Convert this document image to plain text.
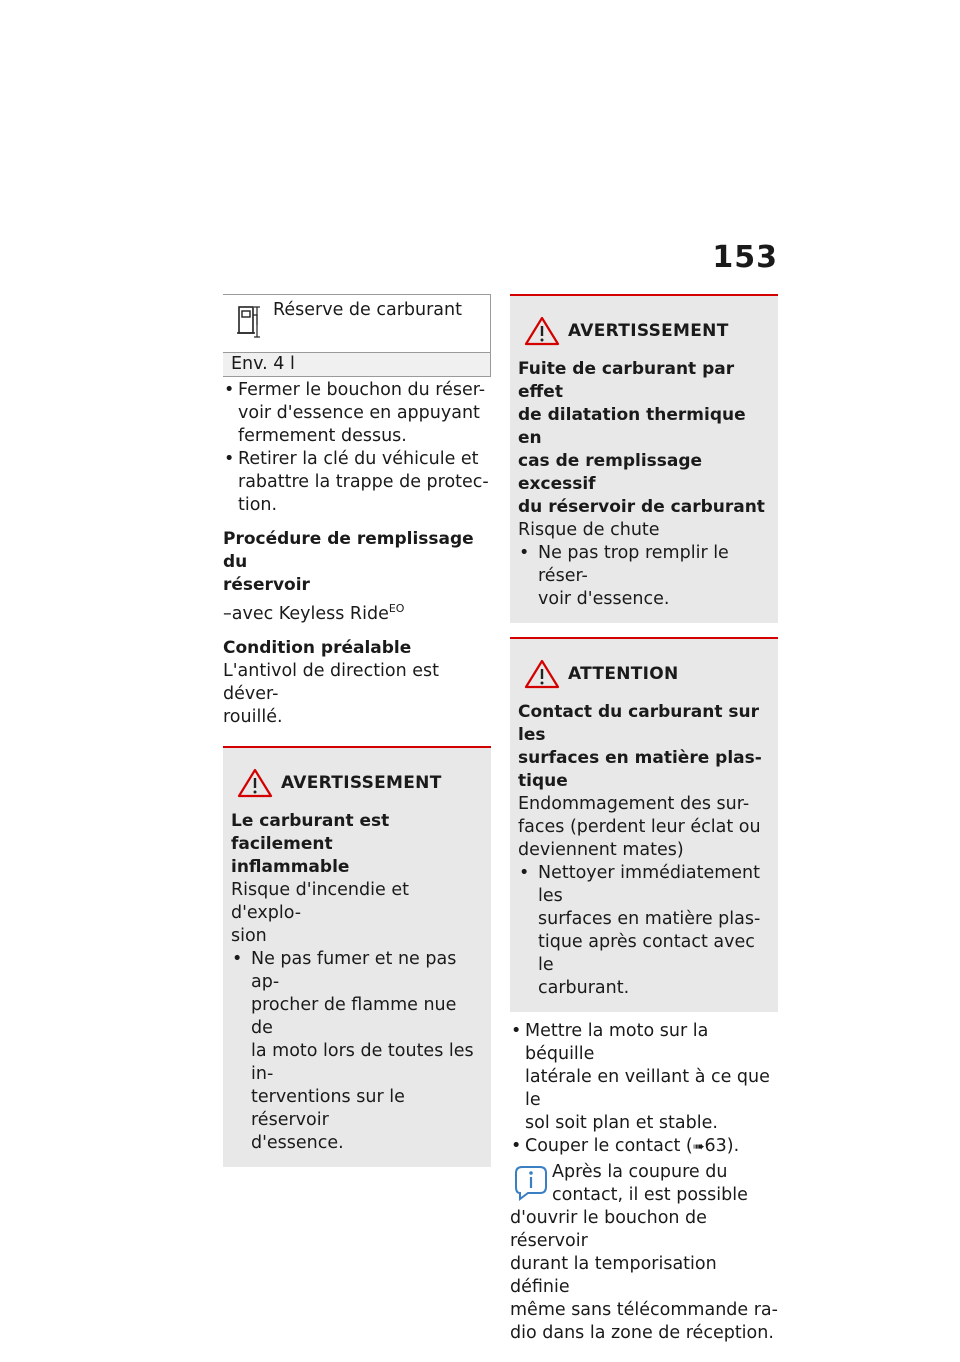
153
Réserve de carburant
Env. 4 l
• Fermer le bouchon du réser-
voir d'essence en appuyant
fermement dessus.
• Retirer la clé du véhicule et
rabattre la trappe de protec-
tion.
Procédure de remplissage du
réservoir
–avec Keyless Ride$^{EO}$
Condition préalable
L'antivol de direction est déver-
rouillé.
AVERTISSEMENT
Le carburant est facilement
inflammable
Risque d'incendie et d'explo-
sion
• Ne pas fumer et ne pas ap-
procher de flamme nue de
la moto lors de toutes les in-
terventions sur le réservoir
d'essence.
AVERTISSEMENT
Fuite de carburant par effet
de dilatation thermique en
cas de remplissage excessif
du réservoir de carburant
Risque de chute
• Ne pas trop remplir le réser-
voir d'essence.
ATTENTION
Contact du carburant sur les
surfaces en matière plas-
tique
Endommagement des sur-
faces (perdent leur éclat ou
deviennent mates)
• Nettoyer immédiatement les
surfaces en matière plas-
tique après contact avec le
carburant.
• Mettre la moto sur la béquille
latérale en veillant à ce que le
sol soit plan et stable.
• Couper le contact (➠63).
Après la coupure du
contact, il est possible
d'ouvrir le bouchon de réservoir
durant la temporisation définie
même sans télécommande ra-
dio dans la zone de réception.
